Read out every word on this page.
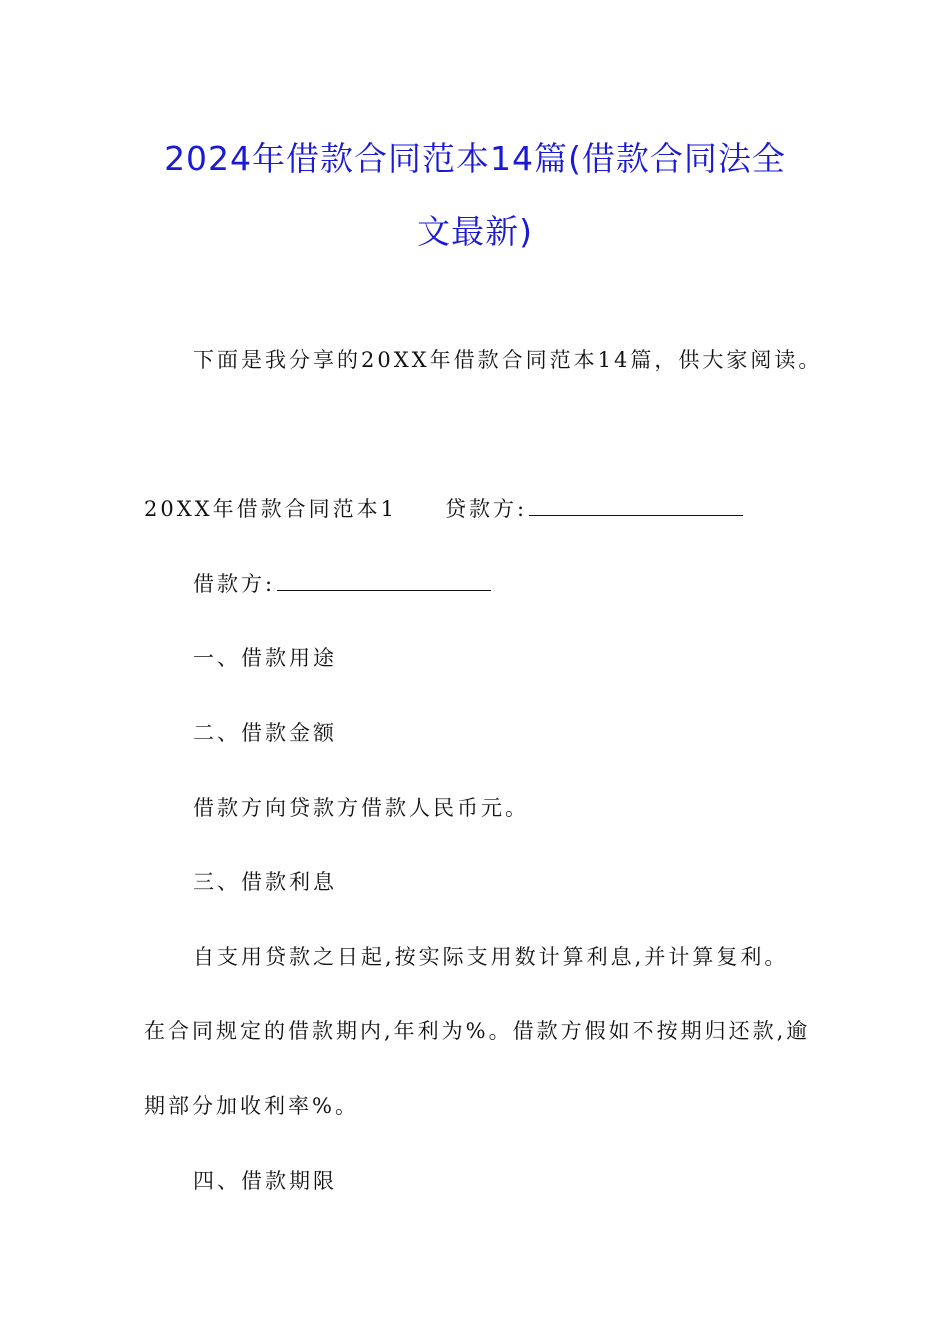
2024年借款合同范本14篇(借款合同法全
文最新)
下面是我分享的20XX年借款合同范本14篇，供大家阅读。
20XX年借款合同范本1 贷款方:
借款方:
一、借款用途
二、借款金额
借款方向贷款方借款人民币元。
三、借款利息
自支用贷款之日起,按实际支用数计算利息,并计算复利。
在合同规定的借款期内,年利为%。借款方假如不按期归还款,逾
期部分加收利率%。
四、借款期限
